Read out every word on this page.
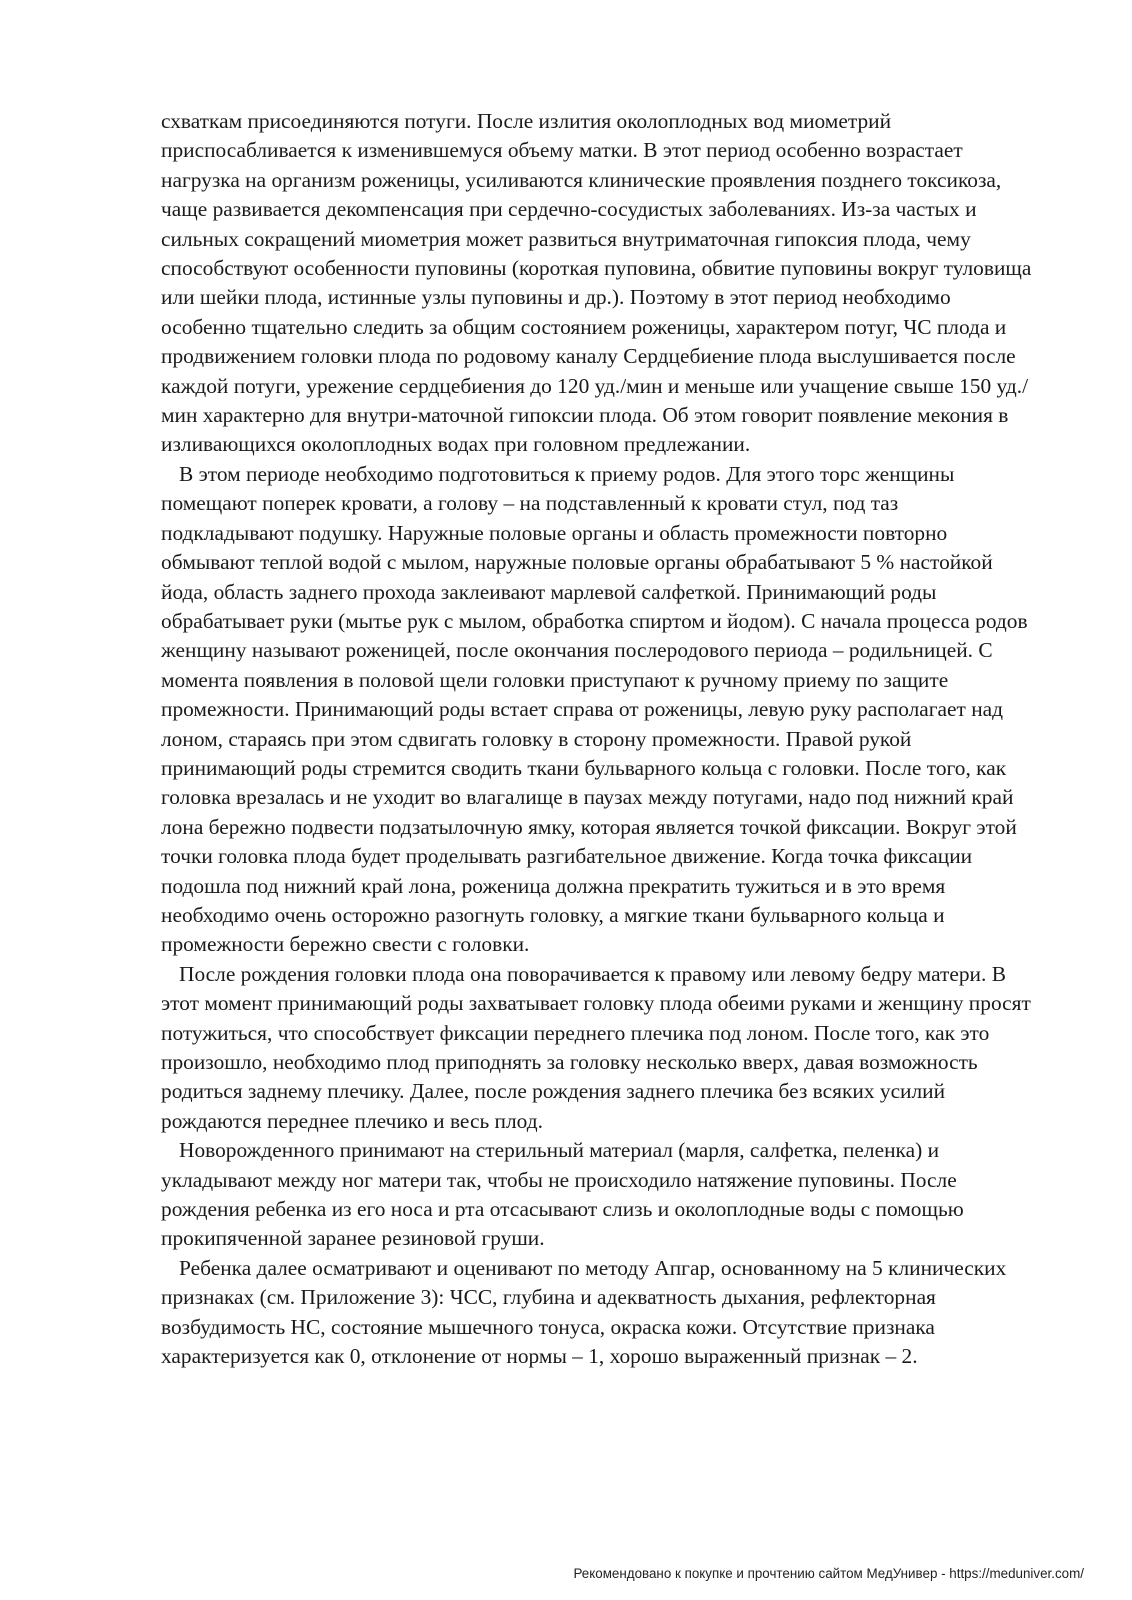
схваткам присоединяются потуги. После излития околоплодных вод миометрий приспосабливается к изменившемуся объему матки. В этот период особенно возрастает нагрузка на организм роженицы, усиливаются клинические проявления позднего токсикоза, чаще развивается декомпенсация при сердечно-сосудистых заболеваниях. Из-за частых и сильных сокращений миометрия может развиться внутриматочная гипоксия плода, чему способствуют особенности пуповины (короткая пуповина, обвитие пуповины вокруг туловища или шейки плода, истинные узлы пуповины и др.). Поэтому в этот период необходимо особенно тщательно следить за общим состоянием роженицы, характером потуг, ЧС плода и продвижением головки плода по родовому каналу Сердцебиение плода выслушивается после каждой потуги, урежение сердцебиения до 120 уд./мин и меньше или учащение свыше 150 уд./мин характерно для внутри-маточной гипоксии плода. Об этом говорит появление мекония в изливающихся околоплодных водах при головном предлежании.

В этом периоде необходимо подготовиться к приему родов. Для этого торс женщины помещают поперек кровати, а голову – на подставленный к кровати стул, под таз подкладывают подушку. Наружные половые органы и область промежности повторно обмывают теплой водой с мылом, наружные половые органы обрабатывают 5 % настойкой йода, область заднего прохода заклеивают марлевой салфеткой. Принимающий роды обрабатывает руки (мытье рук с мылом, обработка спиртом и йодом). С начала процесса родов женщину называют роженицей, после окончания послеродового периода – родильницей. С момента появления в половой щели головки приступают к ручному приему по защите промежности. Принимающий роды встает справа от роженицы, левую руку располагает над лоном, стараясь при этом сдвигать головку в сторону промежности. Правой рукой принимающий роды стремится сводить ткани бульварного кольца с головки. После того, как головка врезалась и не уходит во влагалище в паузах между потугами, надо под нижний край лона бережно подвести подзатылочную ямку, которая является точкой фиксации. Вокруг этой точки головка плода будет проделывать разгибательное движение. Когда точка фиксации подошла под нижний край лона, роженица должна прекратить тужиться и в это время необходимо очень осторожно разогнуть головку, а мягкие ткани бульварного кольца и промежности бережно свести с головки.

После рождения головки плода она поворачивается к правому или левому бедру матери. В этот момент принимающий роды захватывает головку плода обеими руками и женщину просят потужиться, что способствует фиксации переднего плечика под лоном. После того, как это произошло, необходимо плод приподнять за головку несколько вверх, давая возможность родиться заднему плечику. Далее, после рождения заднего плечика без всяких усилий рождаются переднее плечико и весь плод.

Новорожденного принимают на стерильный материал (марля, салфетка, пеленка) и укладывают между ног матери так, чтобы не происходило натяжение пуповины. После рождения ребенка из его носа и рта отсасывают слизь и околоплодные воды с помощью прокипяченной заранее резиновой груши.

Ребенка далее осматривают и оценивают по методу Апгар, основанному на 5 клинических признаках (см. Приложение 3): ЧСС, глубина и адекватность дыхания, рефлекторная возбудимость НС, состояние мышечного тонуса, окраска кожи. Отсутствие признака характеризуется как 0, отклонение от нормы – 1, хорошо выраженный признак – 2.

Рекомендовано к покупке и прочтению сайтом МедУнивер - https://meduniver.com/
